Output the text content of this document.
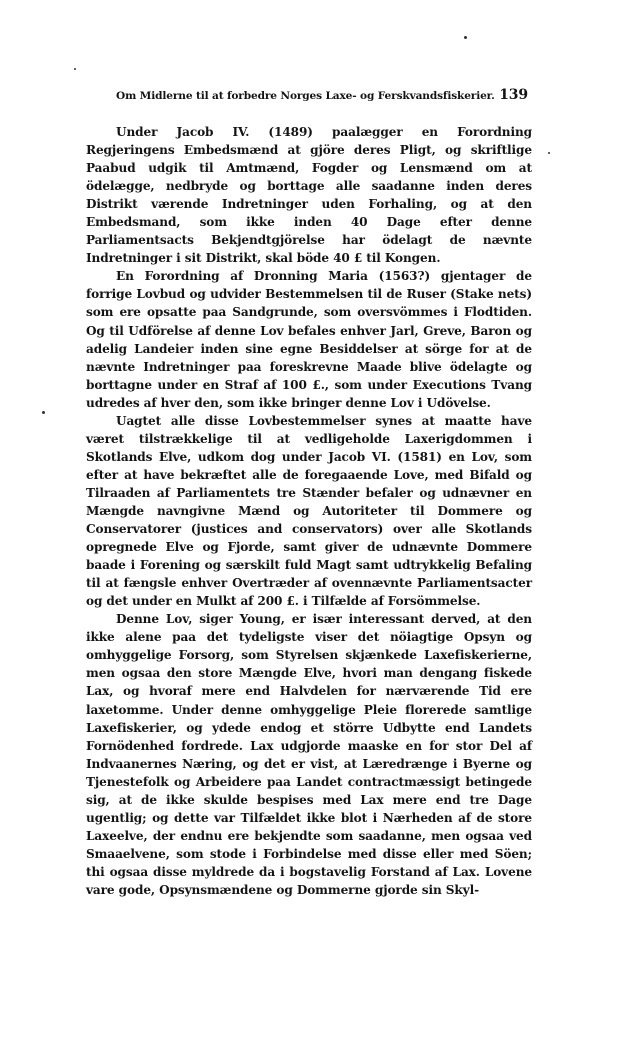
Om Midlerne til at forbedre Norges Laxe- og Ferskvandsfiskerier. 139

Under Jacob IV. (1489) paalægger en Forordning Regjeringens Embedsmænd at gjöre deres Pligt, og skriftlige Paabud udgik til Amtmænd, Fogder og Lensmænd om at ödelægge, nedbryde og borttage alle saadanne inden deres Distrikt værende Indretninger uden Forhaling, og at den Embedsmand, som ikke inden 40 Dage efter denne Parliamentsacts Bekjendtgjörelse har ödelagt de nævnte Indretninger i sit Distrikt, skal böde 40 £ til Kongen.

En Forordning af Dronning Maria (1563?) gjentager de forrige Lovbud og udvider Bestemmelsen til de Ruser (Stake nets) som ere opsatte paa Sandgrunde, som oversvömmes i Flodtiden. Og til Udförelse af denne Lov befales enhver Jarl, Greve, Baron og adelig Landeier inden sine egne Besiddelser at sörge for at de nævnte Indretninger paa foreskrevne Maade blive ödelagte og borttagne under en Straf af 100 £., som under Executions Tvang udredes af hver den, som ikke bringer denne Lov i Udövelse.

Uagtet alle disse Lovbestemmelser synes at maatte have været tilstrækkelige til at vedligeholde Laxerigdommen i Skotlands Elve, udkom dog under Jacob VI. (1581) en Lov, som efter at have bekræftet alle de foregaaende Love, med Bifald og Tilraaden af Parliamentets tre Stænder befaler og udnævner en Mængde navngivne Mænd og Autoriteter til Dommere og Conservatorer (justices and conservators) over alle Skotlands opregnede Elve og Fjorde, samt giver de udnævnte Dommere baade i Forening og særskilt fuld Magt samt udtrykkelig Befaling til at fængsle enhver Overtræder af ovennævnte Parliamentsacter og det under en Mulkt af 200 £. i Tilfælde af Forsömmelse.

Denne Lov, siger Young, er især interessant derved, at den ikke alene paa det tydeligste viser det nöiagtige Opsyn og omhyggelige Forsorg, som Styrelsen skjænkede Laxefiskerierne, men ogsaa den store Mængde Elve, hvori man dengang fiskede Lax, og hvoraf mere end Halvdelen for nærværende Tid ere laxetomme. Under denne omhyggelige Pleie florerede samtlige Laxefiskerier, og ydede endog et större Udbytte end Landets Fornödenhed fordrede. Lax udgjorde maaske en for stor Del af Indvaanernes Næring, og det er vist, at Læredrænge i Byerne og Tjenestefolk og Arbeidere paa Landet contractmæssigt betingede sig, at de ikke skulde bespises med Lax mere end tre Dage ugentlig; og dette var Tilfældet ikke blot i Nærheden af de store Laxeelve, der endnu ere bekjendte som saadanne, men ogsaa ved Smaaelvene, som stode i Forbindelse med disse eller med Söen; thi ogsaa disse myldrede da i bogstavelig Forstand af Lax. Lovene vare gode, Opsynsmændene og Dommerne gjorde sin Skyl-
